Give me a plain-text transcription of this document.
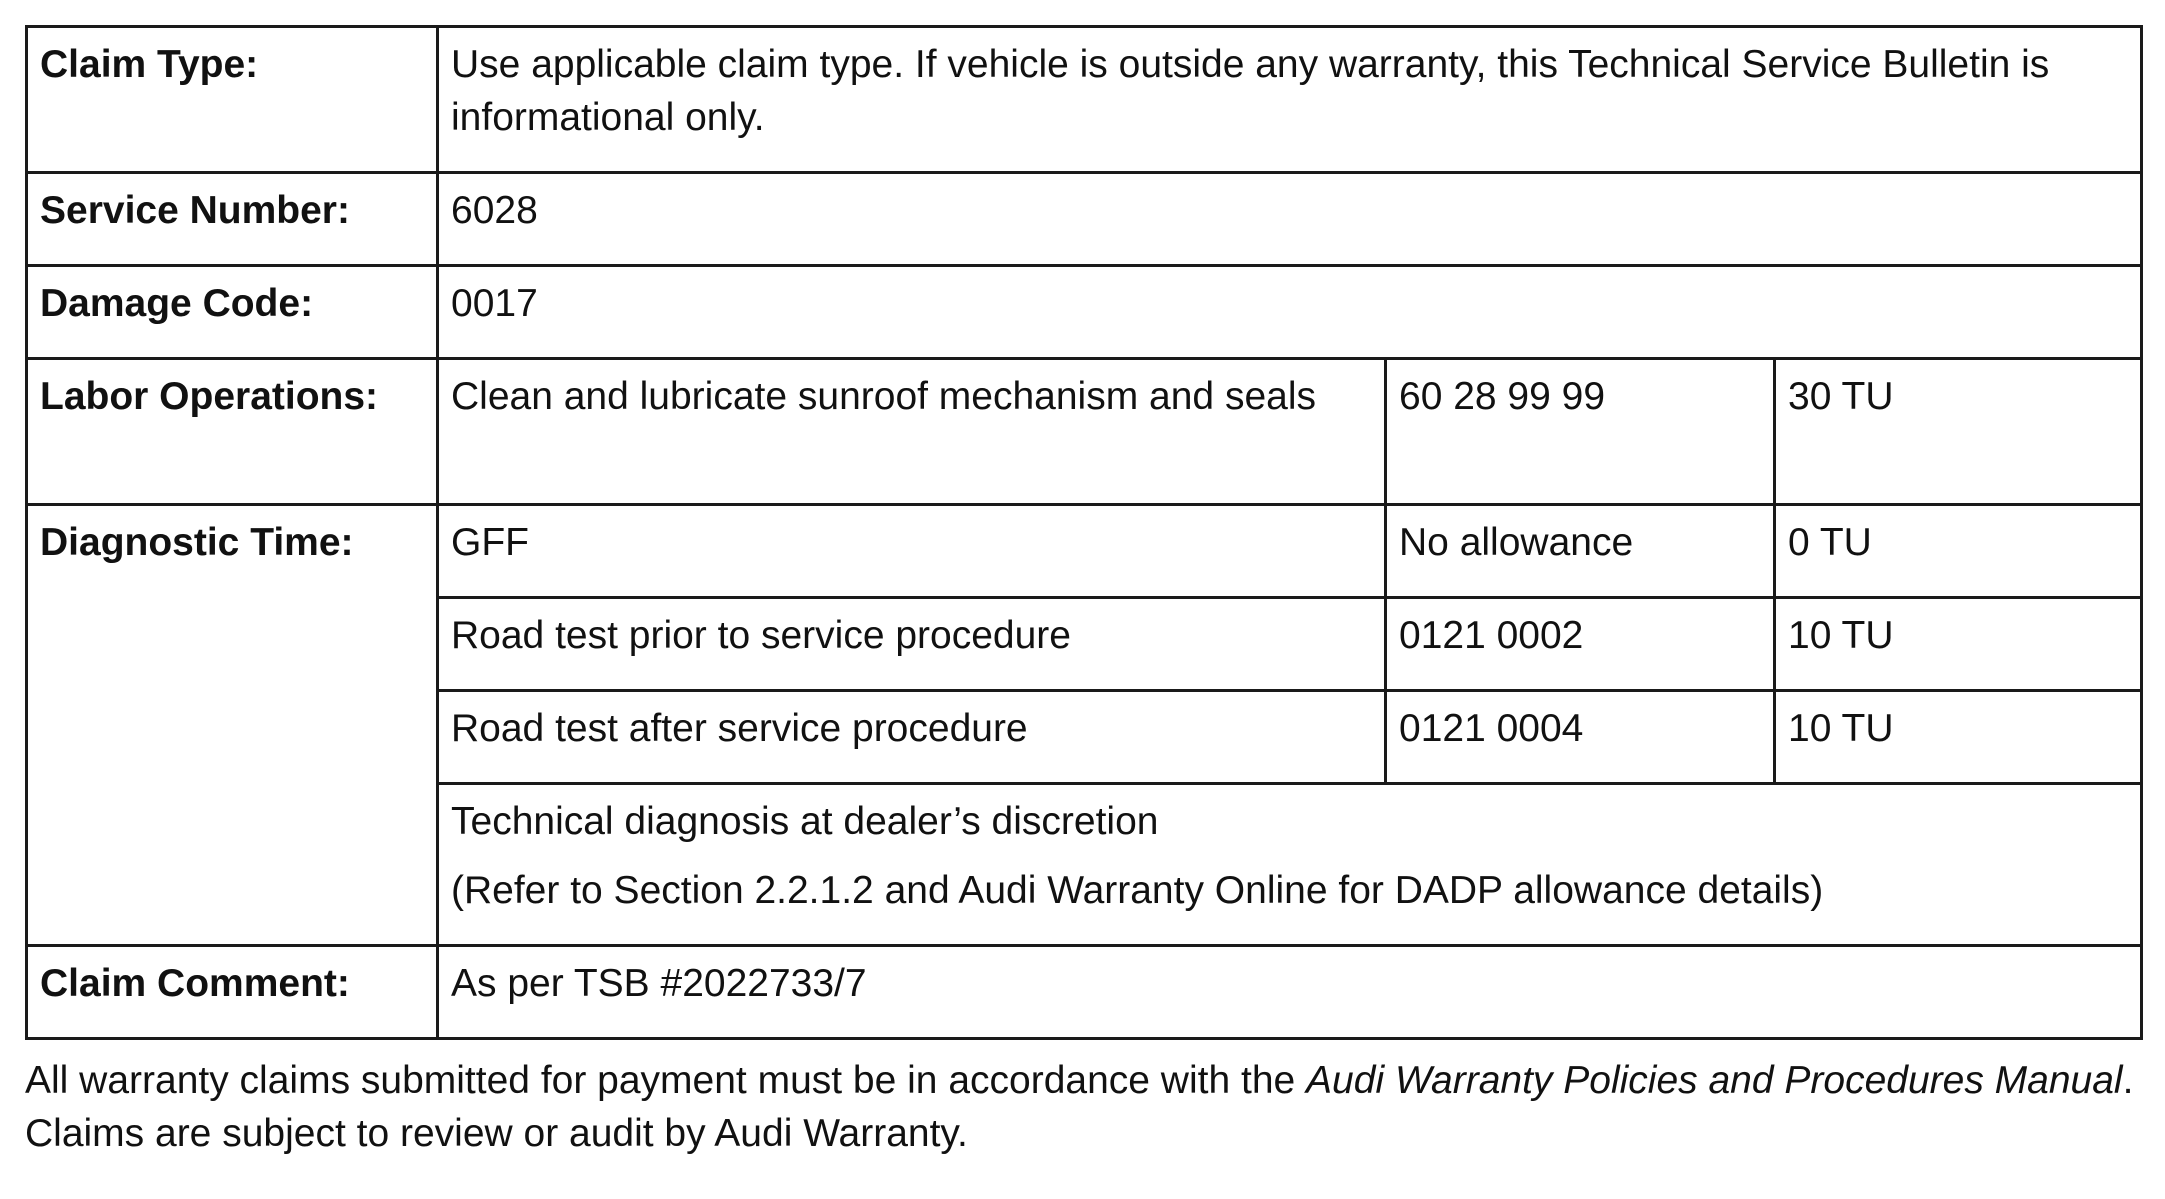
Claim Type:	Use applicable claim type. If vehicle is outside any warranty, this Technical Service Bulletin is informational only.		
Service Number:	6028		
Damage Code:	0017		
Labor Operations:	Clean and lubricate sunroof mechanism and seals	60 28 99 99	30 TU
Diagnostic Time:	GFF	No allowance	0 TU
	Road test prior to service procedure	0121 0002	10 TU
	Road test after service procedure	0121 0004	10 TU

	Technical diagnosis at dealer’s discretion
(Refer to Section 2.2.1.2 and Audi Warranty Online for DADP allowance details)		

Claim Comment:	As per TSB #2022733/7		

All warranty claims submitted for payment must be in accordance with the Audi Warranty Policies and Procedures Manual. Claims are subject to review or audit by Audi Warranty.
